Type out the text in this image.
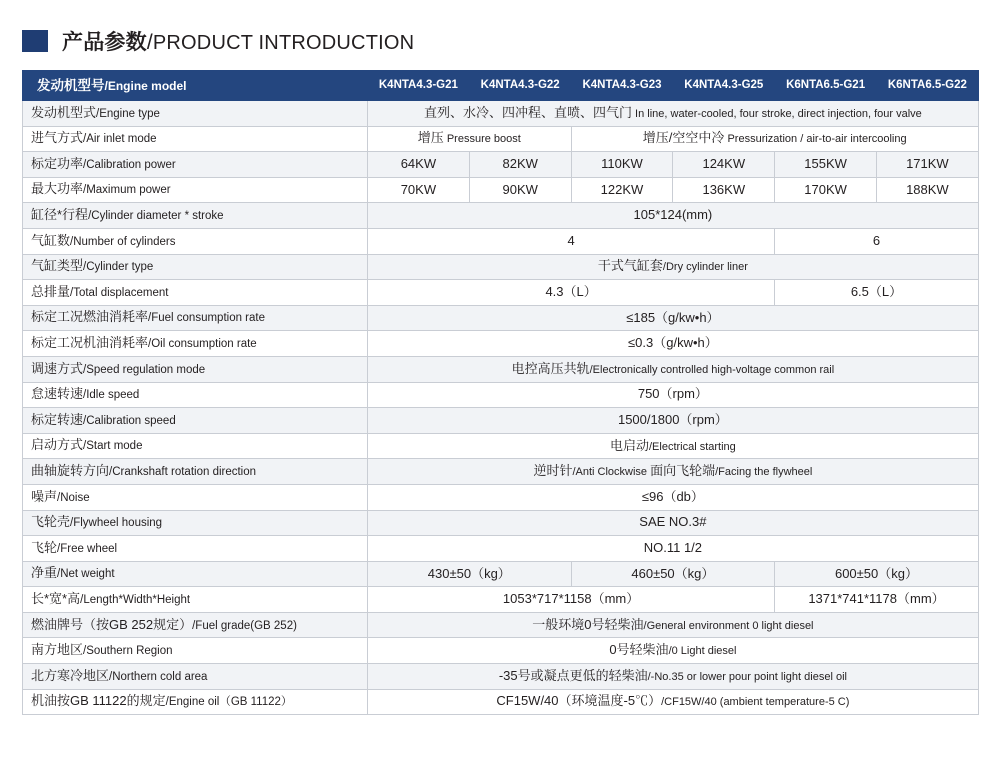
产品参数/PRODUCT INTRODUCTION
发动机型号/Engine model	K4NTA4.3-G21	K4NTA4.3-G22	K4NTA4.3-G23	K4NTA4.3-G25	K6NTA6.5-G21	K6NTA6.5-G22
发动机型式/Engine type	直列、水冷、四冲程、直喷、四气门 In line, water-cooled, four stroke, direct injection, four valve					
进气方式/Air inlet mode	增压 Pressure boost		增压/空空中冷 Pressurization / air-to-air intercooling			
标定功率/Calibration power	64KW	82KW	110KW	124KW	155KW	171KW
最大功率/Maximum power	70KW	90KW	122KW	136KW	170KW	188KW
缸径*行程/Cylinder diameter * stroke	105*124(mm)					
气缸数/Number of cylinders	4				6	
气缸类型/Cylinder type	干式气缸套/Dry cylinder liner					
总排量/Total displacement	4.3（L）				6.5（L）	
标定工况燃油消耗率/Fuel consumption rate	≤185（g/kw•h）					
标定工况机油消耗率/Oil consumption rate	≤0.3（g/kw•h）					
调速方式/Speed regulation mode	电控高压共轨/Electronically controlled high-voltage common rail					
怠速转速/Idle speed	750（rpm）					
标定转速/Calibration speed	1500/1800（rpm）					
启动方式/Start mode	电启动/Electrical starting					
曲轴旋转方向/Crankshaft rotation direction	逆时针/Anti Clockwise 面向飞轮端/Facing the flywheel					
噪声/Noise	≤96（db）					
飞轮壳/Flywheel housing	SAE NO.3#					
飞轮/Free wheel	NO.11 1/2					
净重/Net weight	430±50（kg）		460±50（kg）		600±50（kg）	
长*宽*高/Length*Width*Height	1053*717*1158（mm）				1371*741*1178（mm）	
燃油牌号（按GB 252规定）/Fuel grade(GB 252)	一般环境0号轻柴油/General environment 0 light diesel					
南方地区/Southern Region	0号轻柴油/0 Light diesel					
北方寒冷地区/Northern cold area	-35号或凝点更低的轻柴油/-No.35 or lower pour point light diesel oil					
机油按GB 11122的规定/Engine oil（GB 11122）	CF15W/40（环境温度-5℃）/CF15W/40 (ambient temperature-5 C)					
